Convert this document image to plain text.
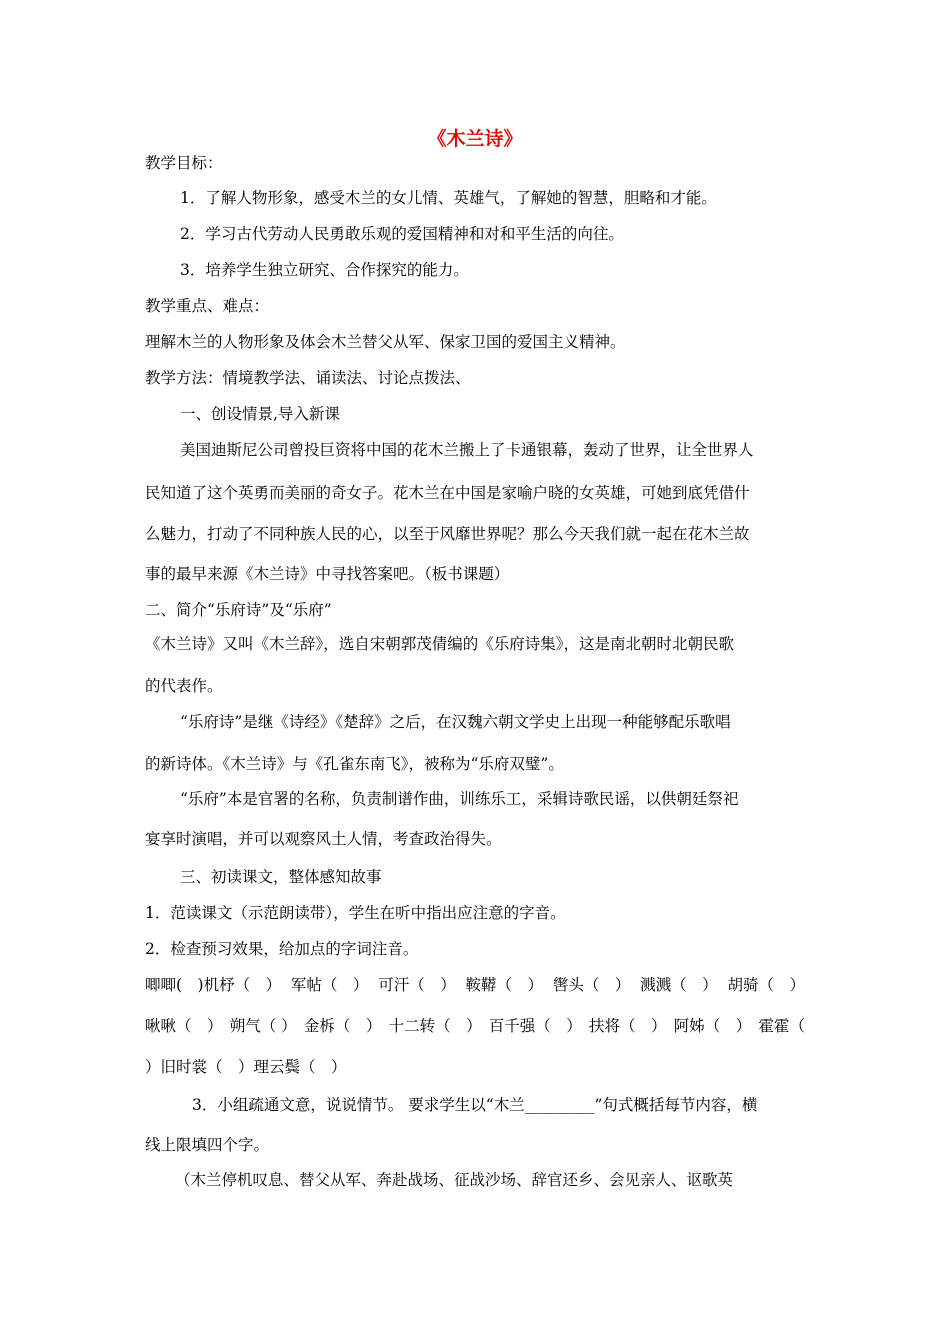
《木兰诗》

教学目标：

1．了解人物形象，感受木兰的女儿情、英雄气，了解她的智慧，胆略和才能。

2．学习古代劳动人民勇敢乐观的爱国精神和对和平生活的向往。

3．培养学生独立研究、合作探究的能力。

教学重点、难点：

理解木兰的人物形象及体会木兰替父从军、保家卫国的爱国主义精神。

教学方法：情境教学法、诵读法、讨论点拨法、

一、创设情景,导入新课

美国迪斯尼公司曾投巨资将中国的花木兰搬上了卡通银幕，轰动了世界，让全世界人

民知道了这个英勇而美丽的奇女子。花木兰在中国是家喻户晓的女英雄，可她到底凭借什

么魅力，打动了不同种族人民的心，以至于风靡世界呢？那么今天我们就一起在花木兰故

事的最早来源《木兰诗》中寻找答案吧。（板书课题）

二、简介“乐府诗”及“乐府”

《木兰诗》又叫《木兰辞》，选自宋朝郭茂倩编的《乐府诗集》，这是南北朝时北朝民歌

的代表作。

“乐府诗”是继《诗经》《楚辞》之后，在汉魏六朝文学史上出现一种能够配乐歌唱

的新诗体。《木兰诗》与《孔雀东南飞》，被称为“乐府双璧”。

“乐府”本是官署的名称，负责制谱作曲，训练乐工，采辑诗歌民谣，以供朝廷祭祀

宴享时演唱，并可以观察风土人情，考查政治得失。

三、初读课文，整体感知故事

1．范读课文（示范朗读带），学生在听中指出应注意的字音。

2．检查预习效果，给加点的字词注音。

唧唧(　)机杼（　） 军帖（　） 可汗（　） 鞍鞯（　） 辔头（　） 溅溅（　） 胡骑（　）
啾啾（　） 朔气（ ） 金柝（　） 十二转（　） 百千强（　） 扶将（　） 阿姊（　） 霍霍（

）旧时裳（　）理云鬓（　）

3．小组疏通文意，说说情节。 要求学生以“木兰_________”句式概括每节内容，横

线上限填四个字。

（木兰停机叹息、替父从军、奔赴战场、征战沙场、辞官还乡、会见亲人、讴歌英
